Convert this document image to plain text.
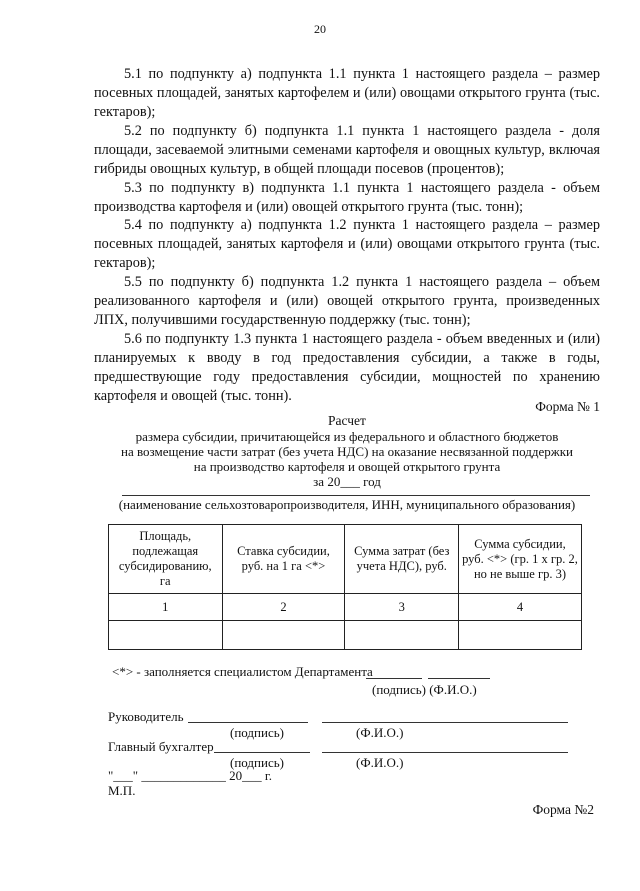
20

5.1 по подпункту а) подпункта 1.1 пункта 1 настоящего раздела – размер посевных площадей, занятых картофелем и (или) овощами открытого грунта (тыс. гектаров);

5.2 по подпункту б) подпункта 1.1 пункта 1 настоящего раздела - доля площади, засеваемой элитными семенами картофеля и овощных культур, включая гибриды овощных культур, в общей площади посевов (процентов);

5.3 по подпункту в) подпункта 1.1 пункта 1 настоящего раздела - объем производства картофеля и (или) овощей открытого грунта (тыс. тонн);

5.4 по подпункту а) подпункта 1.2 пункта 1 настоящего раздела – размер посевных площадей, занятых картофеля и (или) овощами открытого грунта (тыс. гектаров);

5.5 по подпункту б) подпункта 1.2 пункта 1 настоящего раздела – объем реализованного картофеля и (или) овощей открытого грунта, произведенных ЛПХ, получившими государственную поддержку (тыс. тонн);

5.6 по подпункту 1.3 пункта 1 настоящего раздела - объем введенных и (или) планируемых к вводу в год предоставления субсидии, а также в годы, предшествующие году предоставления субсидии, мощностей по хранению картофеля и овощей (тыс. тонн).

Форма № 1
Расчет
размера субсидии, причитающейся из федерального и областного бюджетов
на возмещение части затрат (без учета НДС) на оказание несвязанной поддержки
на производство картофеля и овощей открытого грунта
за 20___ год
(наименование сельхозтоваропроизводителя, ИНН, муниципального образования)
Площадь, подлежащая субсидированию, га	Ставка субсидии, руб. на 1 га <*>	Сумма затрат (без учета НДС), руб.	Сумма субсидии, руб. <*> (гр. 1 х гр. 2, но не выше гр. 3)
1	2	3	4

<*> - заполняется специалистом Департамента
(подпись) (Ф.И.О.)
Руководитель
(подпись)	(Ф.И.О.)
Главный бухгалтер
(подпись)	(Ф.И.О.)
"___" _____________ 20___ г.
М.П.
Форма №2
